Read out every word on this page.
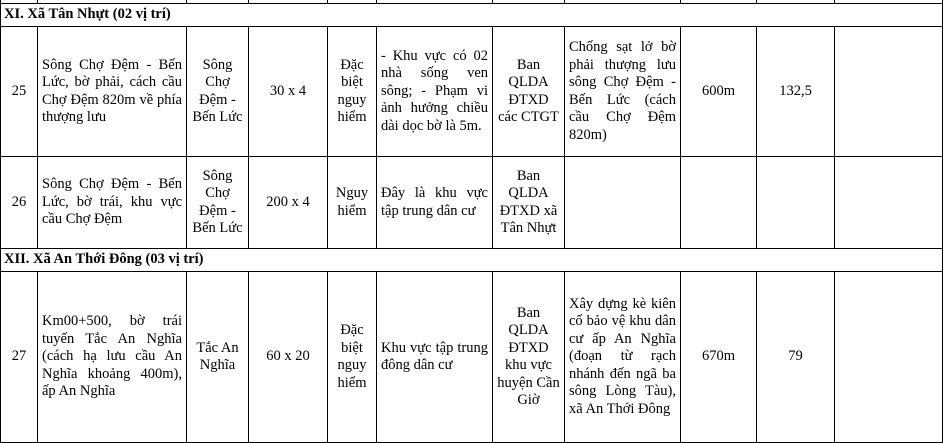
XI. Xã Tân Nhựt (02 vị trí)										
25	Sông Chợ Đệm - Bến Lức, bờ phải, cách cầu Chợ Đệm 820m về phía thượng lưu	Sông Chợ Đệm - Bến Lức	30 x 4	Đặc biệt nguy hiểm	- Khu vực có 02 nhà sống ven sông; - Phạm vi ảnh hưởng chiều dài dọc bờ là 5m.	Ban QLDA ĐTXD các CTGT	Chống sạt lở bờ phải thượng lưu sông Chợ Đệm - Bến Lức (cách cầu Chợ Đệm 820m)	600m	132,5	
26	Sông Chợ Đệm - Bến Lức, bờ trái, khu vực cầu Chợ Đệm	Sông Chợ Đệm - Bến Lức	200 x 4	Nguy hiểm	Đây là khu vực tập trung dân cư	Ban QLDA ĐTXD xã Tân Nhựt				
XII. Xã An Thới Đông (03 vị trí)										
27	Km00+500, bờ trái tuyến Tắc An Nghĩa (cách hạ lưu cầu An Nghĩa khoảng 400m), ấp An Nghĩa	Tắc An Nghĩa	60 x 20	Đặc biệt nguy hiểm	Khu vực tập trung đông dân cư	Ban QLDA ĐTXD khu vực huyện Cần Giờ	Xây dựng kè kiên cố bảo vệ khu dân cư ấp An Nghĩa (đoạn từ rạch nhánh đến ngã ba sông Lòng Tàu), xã An Thới Đông	670m	79	
